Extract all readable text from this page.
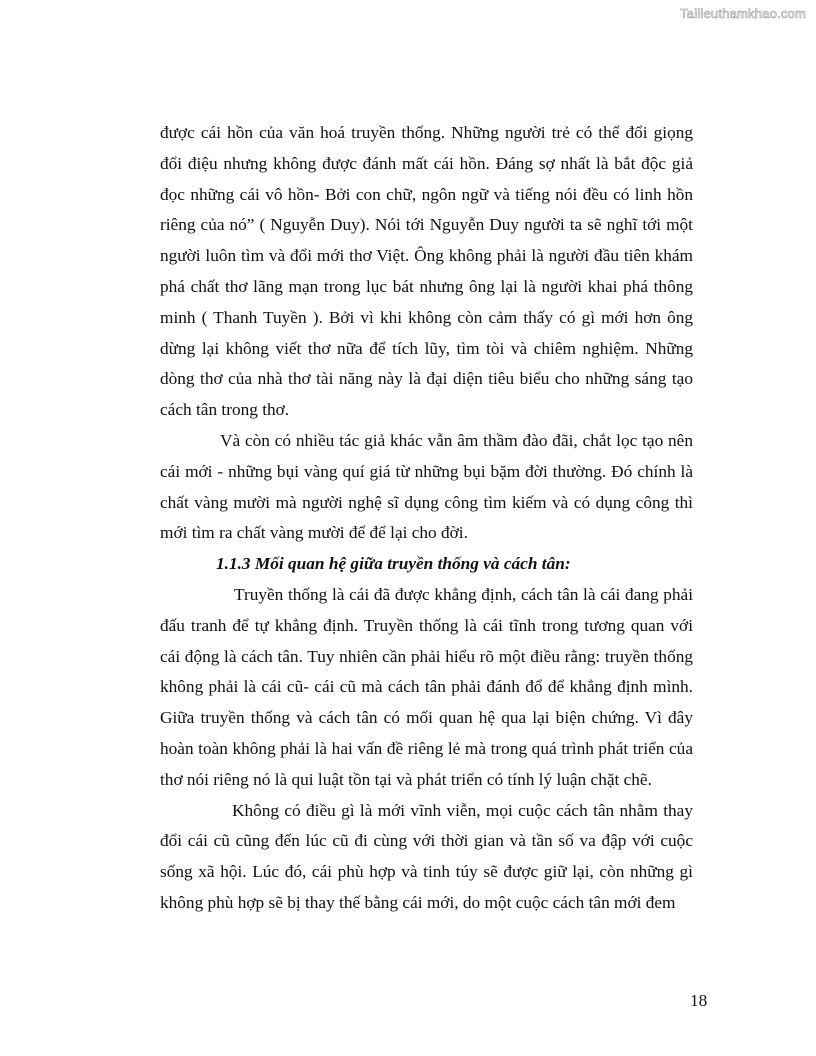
Tailieuthamkhao.com

được cái hồn của văn hoá truyền thống. Những người trẻ có thể đổi giọng đổi điệu nhưng không được đánh mất cái hồn. Đáng sợ nhất là bắt độc giả đọc những cái vô hồn- Bởi con chữ, ngôn ngữ và tiếng nói đều có linh hồn riêng của nó” ( Nguyễn Duy). Nói tới Nguyễn Duy người ta sẽ nghĩ tới một người luôn tìm và đổi mới thơ Việt. Ông không phải là người đầu tiên khám phá chất thơ lãng mạn trong lục bát nhưng ông lại là người khai phá thông minh ( Thanh Tuyền ). Bởi vì khi không còn cảm thấy có gì mới hơn ông dừng lại không viết thơ nữa để tích lũy, tìm tòi và chiêm nghiệm. Những dòng thơ của nhà thơ tài năng này là đại diện tiêu biểu cho những sáng tạo cách tân trong thơ.

Và còn có nhiều tác giả khác vẫn âm thầm đào đãi, chắt lọc tạo nên cái mới - những bụi vàng quí giá từ những bụi bặm đời thường. Đó chính là chất vàng mười mà người nghệ sĩ dụng công tìm kiếm và có dụng công thì mới tìm ra chất vàng mười để để lại cho đời.

1.1.3 Mối quan hệ giữa truyền thống và cách tân:

Truyền thống là cái đã được khẳng định, cách tân là cái đang phải đấu tranh để tự khẳng định. Truyền thống là cái tĩnh trong tương quan với cái động là cách tân. Tuy nhiên cần phải hiểu rõ một điều rằng: truyền thống không phải là cái cũ- cái cũ mà cách tân phải đánh đổ để khẳng định mình. Giữa truyền thống và cách tân có mối quan hệ qua lại biện chứng. Vì đây hoàn toàn không phải là hai vấn đề riêng lẻ mà trong quá trình phát triển của thơ nói riêng nó là qui luật tồn tại và phát triển có tính lý luận chặt chẽ.

Không có điều gì là mới vĩnh viễn, mọi cuộc cách tân nhằm thay đổi cái cũ cũng đến lúc cũ đi cùng với thời gian và tần số va đập với cuộc sống xã hội. Lúc đó, cái phù hợp và tinh túy sẽ được giữ lại, còn những gì không phù hợp sẽ bị thay thế bằng cái mới, do một cuộc cách tân mới đem

18
